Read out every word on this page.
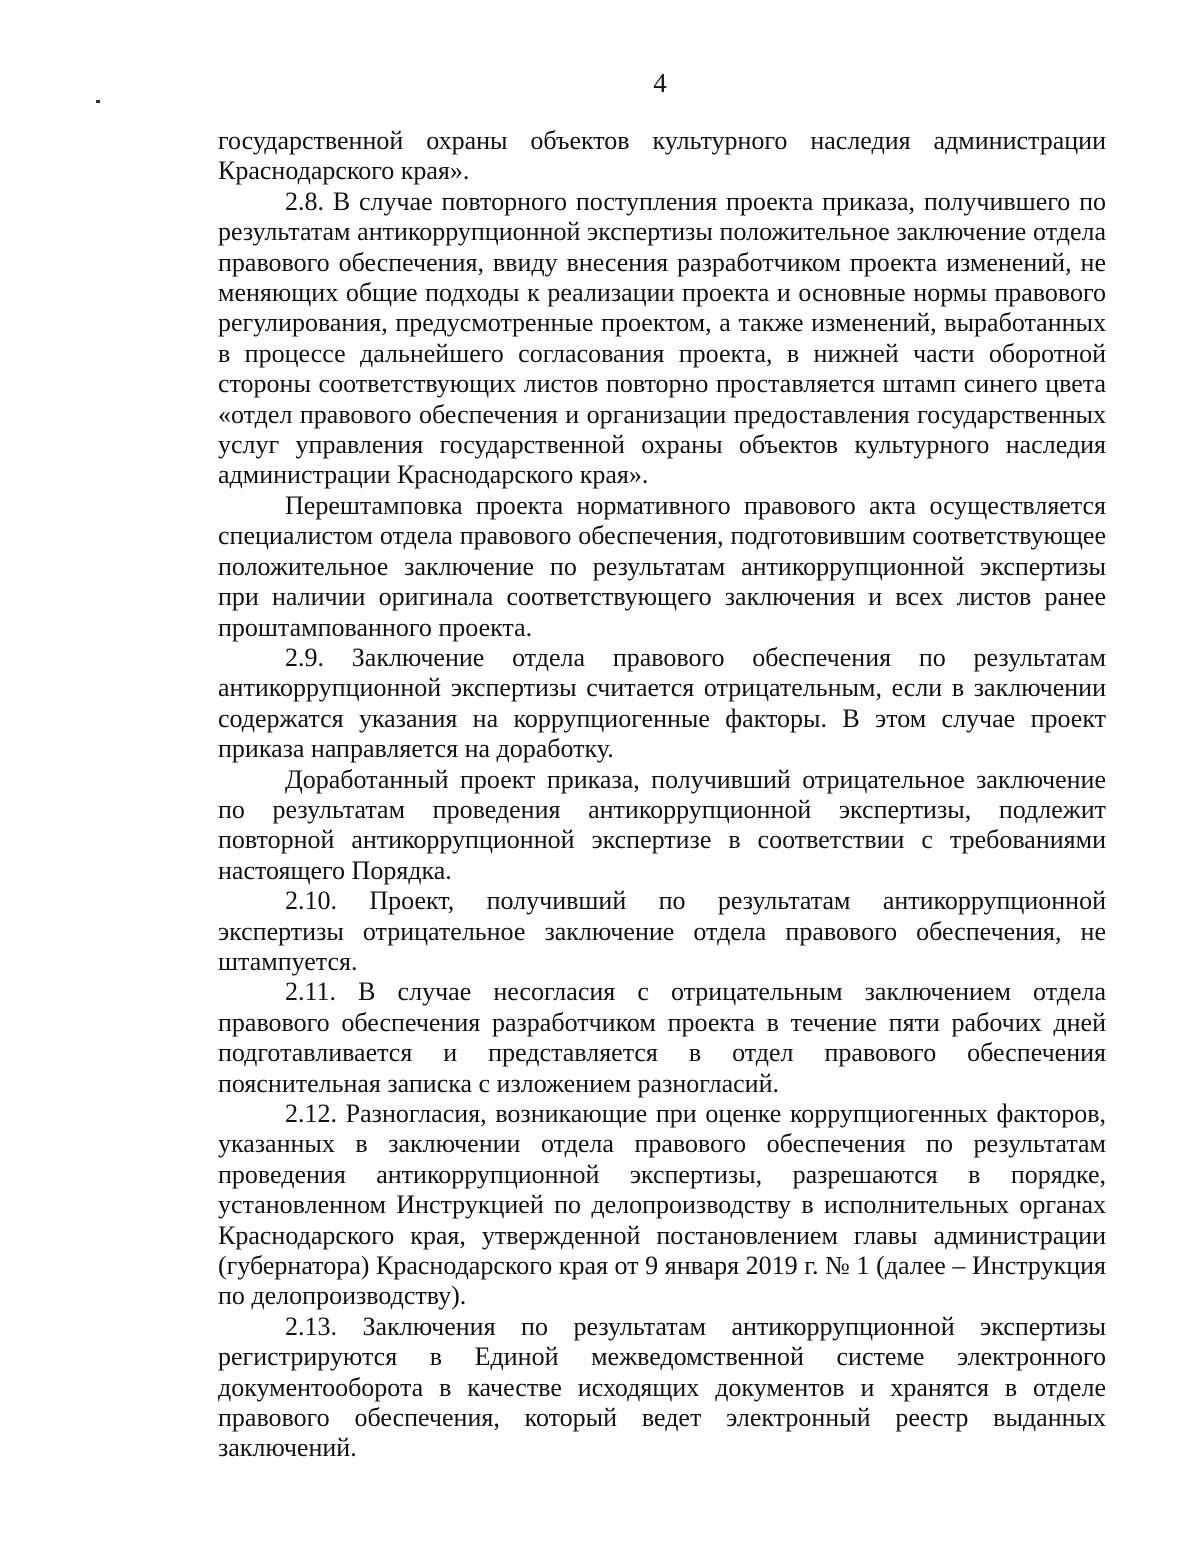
4

государственной охраны объектов культурного наследия администрации Краснодарского края».

2.8. В случае повторного поступления проекта приказа, получившего по результатам антикоррупционной экспертизы положительное заключение отдела правового обеспечения, ввиду внесения разработчиком проекта изменений, не меняющих общие подходы к реализации проекта и основные нормы правового регулирования, предусмотренные проектом, а также изменений, выработанных в процессе дальнейшего согласования проекта, в нижней части оборотной стороны соответствующих листов повторно проставляется штамп синего цвета «отдел правового обеспечения и организации предоставления государственных услуг управления государственной охраны объектов культурного наследия администрации Краснодарского края».

Перештамповка проекта нормативного правового акта осуществляется специалистом отдела правового обеспечения, подготовившим соответствующее положительное заключение по результатам антикоррупционной экспертизы при наличии оригинала соответствующего заключения и всех листов ранее проштампованного проекта.

2.9. Заключение отдела правового обеспечения по результатам антикоррупционной экспертизы считается отрицательным, если в заключении содержатся указания на коррупциогенные факторы. В этом случае проект приказа направляется на доработку.

Доработанный проект приказа, получивший отрицательное заключение по результатам проведения антикоррупционной экспертизы, подлежит повторной антикоррупционной экспертизе в соответствии с требованиями настоящего Порядка.

2.10. Проект, получивший по результатам антикоррупционной экспертизы отрицательное заключение отдела правового обеспечения, не штампуется.

2.11. В случае несогласия с отрицательным заключением отдела правового обеспечения разработчиком проекта в течение пяти рабочих дней подготавливается и представляется в отдел правового обеспечения пояснительная записка с изложением разногласий.

2.12. Разногласия, возникающие при оценке коррупциогенных факторов, указанных в заключении отдела правового обеспечения по результатам проведения антикоррупционной экспертизы, разрешаются в порядке, установленном Инструкцией по делопроизводству в исполнительных органах Краснодарского края, утвержденной постановлением главы администрации (губернатора) Краснодарского края от 9 января 2019 г. № 1 (далее – Инструкция по делопроизводству).

2.13. Заключения по результатам антикоррупционной экспертизы регистрируются в Единой межведомственной системе электронного документооборота в качестве исходящих документов и хранятся в отделе правового обеспечения, который ведет электронный реестр выданных заключений.
